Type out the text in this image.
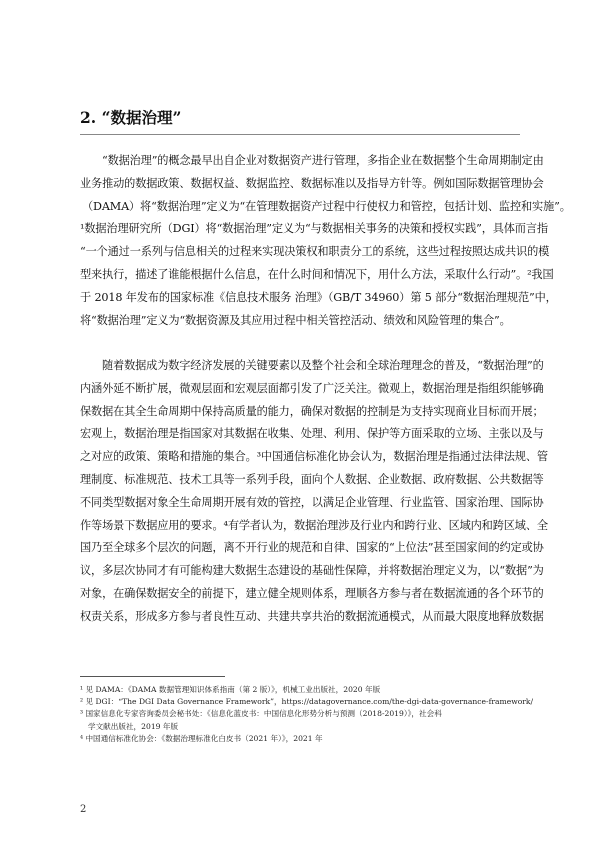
2. “数据治理”
“数据治理”的概念最早出自企业对数据资产进行管理，多指企业在数据整个生命周期制定由
业务推动的数据政策、数据权益、数据监控、数据标准以及指导方针等。例如国际数据管理协会
（DAMA）将“数据治理”定义为“在管理数据资产过程中行使权力和管控，包括计划、监控和实施”。
¹数据治理研究所（DGI）将“数据治理”定义为“与数据相关事务的决策和授权实践”，具体而言指
“一个通过一系列与信息相关的过程来实现决策权和职责分工的系统，这些过程按照达成共识的模
型来执行，描述了谁能根据什么信息，在什么时间和情况下，用什么方法，采取什么行动”。²我国
于 2018 年发布的国家标准《信息技术服务 治理》（GB/T 34960）第 5 部分“数据治理规范”中，
将“数据治理”定义为“数据资源及其应用过程中相关管控活动、绩效和风险管理的集合”。
随着数据成为数字经济发展的关键要素以及整个社会和全球治理理念的普及，“数据治理”的
内涵外延不断扩展，微观层面和宏观层面都引发了广泛关注。微观上，数据治理是指组织能够确
保数据在其全生命周期中保持高质量的能力，确保对数据的控制是为支持实现商业目标而开展；
宏观上，数据治理是指国家对其数据在收集、处理、利用、保护等方面采取的立场、主张以及与
之对应的政策、策略和措施的集合。³中国通信标准化协会认为，数据治理是指通过法律法规、管
理制度、标准规范、技术工具等一系列手段，面向个人数据、企业数据、政府数据、公共数据等
不同类型数据对象全生命周期开展有效的管控，以满足企业管理、行业监管、国家治理、国际协
作等场景下数据应用的要求。⁴有学者认为，数据治理涉及行业内和跨行业、区域内和跨区域、全
国乃至全球多个层次的问题，离不开行业的规范和自律、国家的“上位法”甚至国家间的约定或协
议，多层次协同才有可能构建大数据生态建设的基础性保障，并将数据治理定义为，以“数据”为
对象，在确保数据安全的前提下，建立健全规则体系，理顺各方参与者在数据流通的各个环节的
权责关系，形成多方参与者良性互动、共建共享共治的数据流通模式，从而最大限度地释放数据
¹ 见 DAMA：《DAMA 数据管理知识体系指南（第 2 版）》，机械工业出版社，2020 年版
² 见 DGI：“The DGI Data Governance Framework”，https://datagovernance.com/the-dgi-data-governance-framework/
³ 国家信息化专家咨询委员会秘书处：《信息化蓝皮书：中国信息化形势分析与预测（2018-2019）》，社会科
学文献出版社，2019 年版
⁴ 中国通信标准化协会：《数据治理标准化白皮书（2021 年）》，2021 年
2
